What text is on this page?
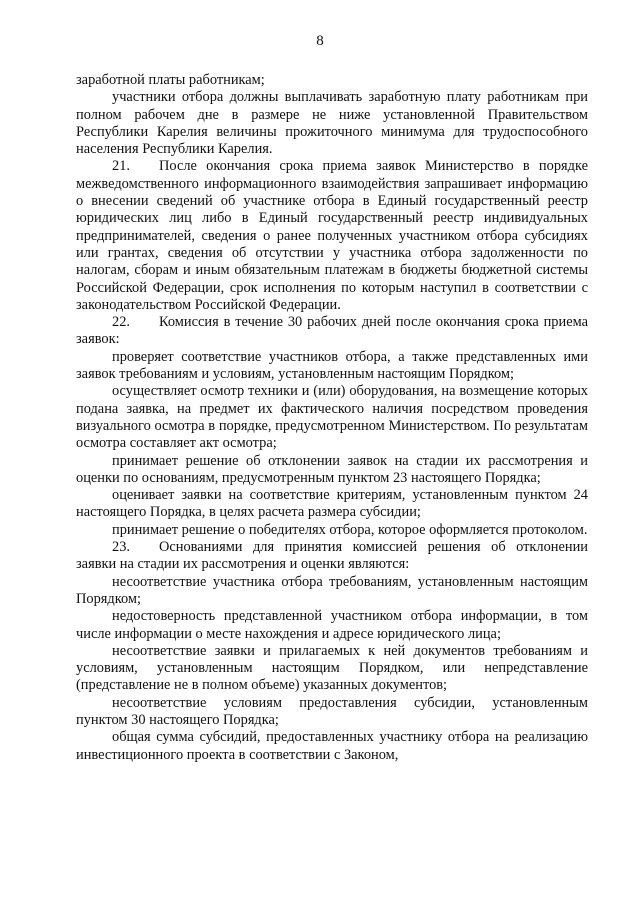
8

заработной платы работникам;

участники отбора должны выплачивать заработную плату работникам при полном рабочем дне в размере не ниже установленной Правительством Республики Карелия величины прожиточного минимума для трудоспособного населения Республики Карелия.

21. После окончания срока приема заявок Министерство в порядке межведомственного информационного взаимодействия запрашивает информацию о внесении сведений об участнике отбора в Единый государственный реестр юридических лиц либо в Единый государственный реестр индивидуальных предпринимателей, сведения о ранее полученных участником отбора субсидиях или грантах, сведения об отсутствии у участника отбора задолженности по налогам, сборам и иным обязательным платежам в бюджеты бюджетной системы Российской Федерации, срок исполнения по которым наступил в соответствии с законодательством Российской Федерации.

22. Комиссия в течение 30 рабочих дней после окончания срока приема заявок:

проверяет соответствие участников отбора, а также представленных ими заявок требованиям и условиям, установленным настоящим Порядком;

осуществляет осмотр техники и (или) оборудования, на возмещение которых подана заявка, на предмет их фактического наличия посредством проведения визуального осмотра в порядке, предусмотренном Министерством. По результатам осмотра составляет акт осмотра;

принимает решение об отклонении заявок на стадии их рассмотрения и оценки по основаниям, предусмотренным пунктом 23 настоящего Порядка;

оценивает заявки на соответствие критериям, установленным пунктом 24 настоящего Порядка, в целях расчета размера субсидии;

принимает решение о победителях отбора, которое оформляется протоколом.

23. Основаниями для принятия комиссией решения об отклонении заявки на стадии их рассмотрения и оценки являются:

несоответствие участника отбора требованиям, установленным настоящим Порядком;

недостоверность представленной участником отбора информации, в том числе информации о месте нахождения и адресе юридического лица;

несоответствие заявки и прилагаемых к ней документов требованиям и условиям, установленным настоящим Порядком, или непредставление (представление не в полном объеме) указанных документов;

несоответствие условиям предоставления субсидии, установленным пунктом 30 настоящего Порядка;

общая сумма субсидий, предоставленных участнику отбора на реализацию инвестиционного проекта в соответствии с Законом,
